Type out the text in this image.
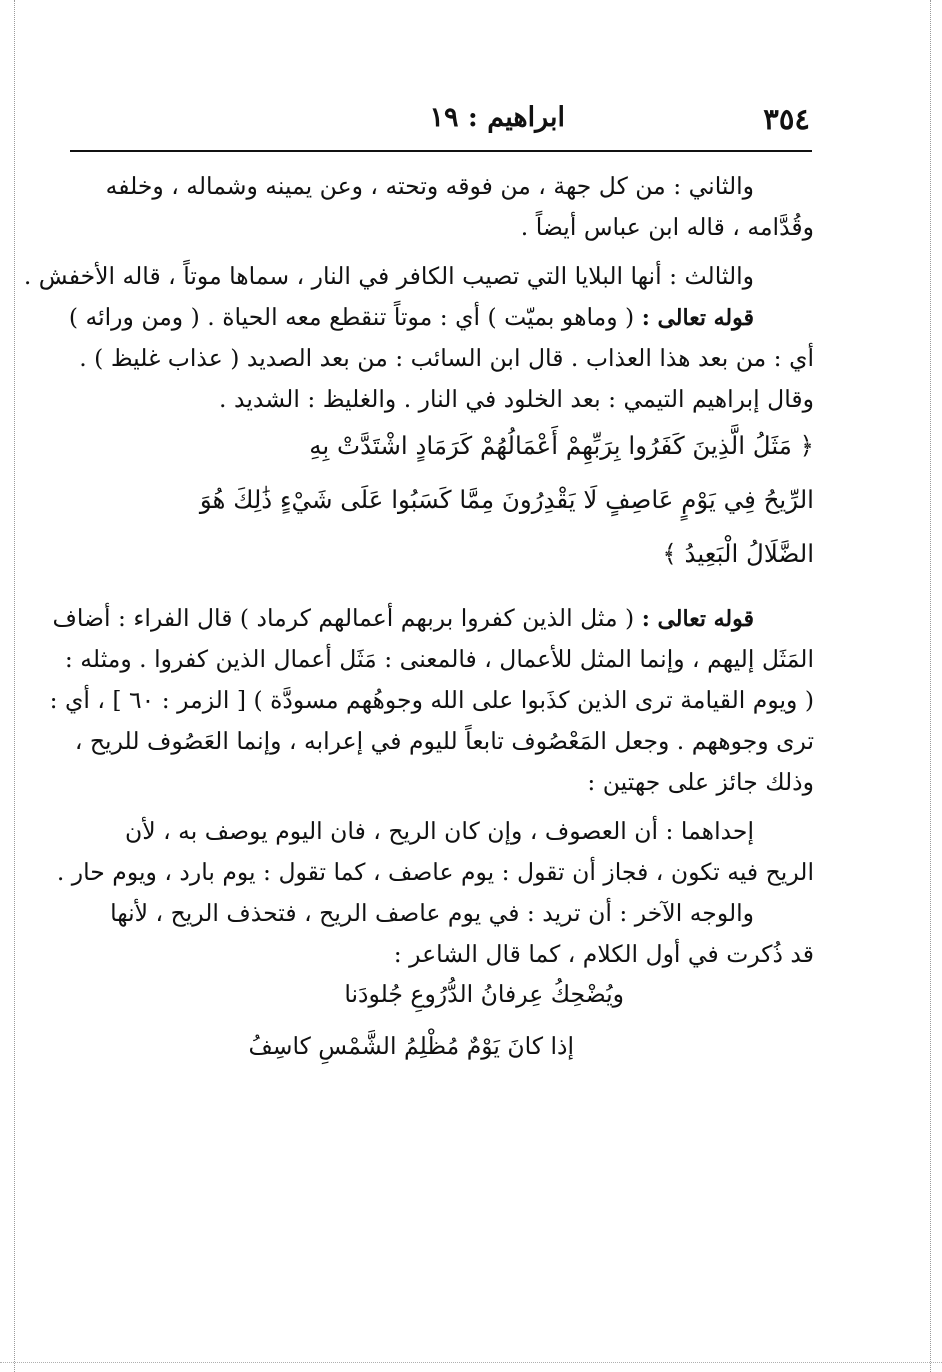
٣٥٤
ابراهيم : ١٩
والثاني : من كل جهة ، من فوقه وتحته ، وعن يمينه وشماله ، وخلفه
وقُدَّامه ، قاله ابن عباس أيضاً .
والثالث : أنها البلايا التي تصيب الكافر في النار ، سماها موتاً ، قاله الأخفش .
قوله تعالى : ( وماهو بميّت ) أي : موتاً تنقطع معه الحياة . ( ومن ورائه )
أي : من بعد هذا العذاب . قال ابن السائب : من بعد الصديد ( عذاب غليظ ) .
وقال إبراهيم التيمي : بعد الخلود في النار . والغليظ : الشديد .
﴿ مَثَلُ الَّذِينَ كَفَرُوا بِرَبِّهِمْ أَعْمَالُهُمْ كَرَمَادٍ اشْتَدَّتْ بِهِ
الرِّيحُ فِي يَوْمٍ عَاصِفٍ لَا يَقْدِرُونَ مِمَّا كَسَبُوا عَلَى شَيْءٍ ذَٰلِكَ هُوَ
الضَّلَالُ الْبَعِيدُ ﴾
قوله تعالى : ( مثل الذين كفروا بربهم أعمالهم كرماد ) قال الفراء : أضاف
المَثَل إليهم ، وإنما المثل للأعمال ، فالمعنى : مَثَل أعمال الذين كفروا . ومثله :
( ويوم القيامة ترى الذين كذَبوا على الله وجوهُهم مسودَّة ) [ الزمر : ٦٠ ] ، أي :
ترى وجوههم . وجعل المَعْصُوف تابعاً لليوم في إعرابه ، وإنما العَصُوف للريح ،
وذلك جائز على جهتين :
إحداهما : أن العصوف ، وإن كان الريح ، فان اليوم يوصف به ، لأن
الريح فيه تكون ، فجاز أن تقول : يوم عاصف ، كما تقول : يوم بارد ، ويوم حار .
والوجه الآخر : أن تريد : في يوم عاصف الريح ، فتحذف الريح ، لأنها
قد ذُكرت في أول الكلام ، كما قال الشاعر :
ويُضْحِكُ عِرفانُ الدُّرُوعِ جُلودَنا
إذا كانَ يَوْمٌ مُظْلِمُ الشَّمْسِ كاسِفُ
